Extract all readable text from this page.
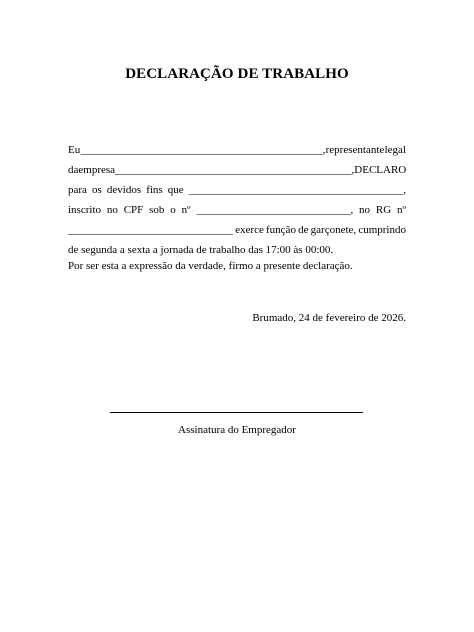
DECLARAÇÃO DE TRABALHO
Eu ____________________________________________, representante legal
da empresa ___________________________________________, DECLARO
para os devidos fins que _______________________________________,
inscrito no CPF sob o nº ____________________________, no RG nº
______________________________ exerce função de garçonete, cumprindo
de segunda a sexta a jornada de trabalho das 17:00 às 00:00.
Por ser esta a expressão da verdade, firmo a presente declaração.
Brumado, 24 de fevereiro de 2026.
Assinatura do Empregador
